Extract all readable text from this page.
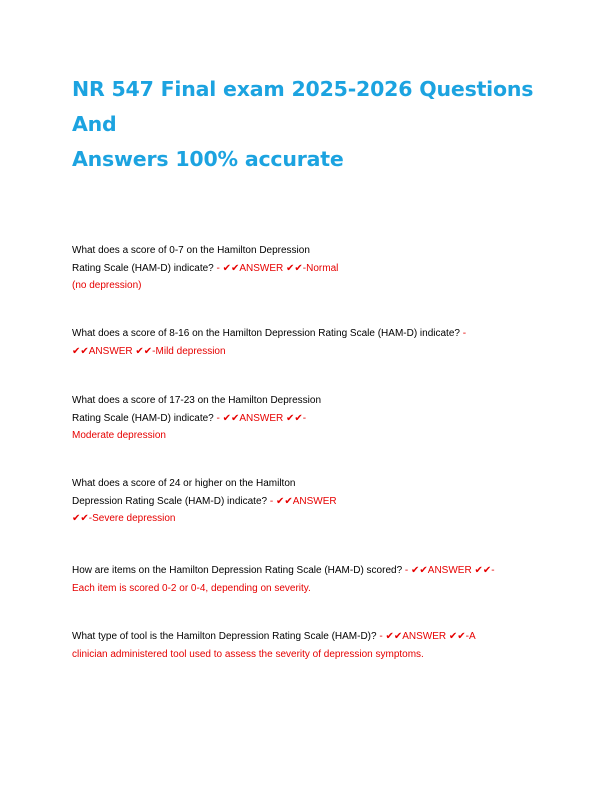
NR 547 Final exam 2025-2026 Questions And
Answers 100% accurate

What does a score of 0-7 on the Hamilton Depression

Rating Scale (HAM-D) indicate? - ✔✔ANSWER ✔✔-Normal

(no depression)

What does a score of 8-16 on the Hamilton Depression Rating Scale (HAM-D) indicate? -

✔✔ANSWER ✔✔-Mild depression

What does a score of 17-23 on the Hamilton Depression

Rating Scale (HAM-D) indicate? - ✔✔ANSWER ✔✔-

Moderate depression

What does a score of 24 or higher on the Hamilton

Depression Rating Scale (HAM-D) indicate? - ✔✔ANSWER

✔✔-Severe depression

How are items on the Hamilton Depression Rating Scale (HAM-D) scored? - ✔✔ANSWER ✔✔-

Each item is scored 0-2 or 0-4, depending on severity.

What type of tool is the Hamilton Depression Rating Scale (HAM-D)? - ✔✔ANSWER ✔✔-A

clinician administered tool used to assess the severity of depression symptoms.
